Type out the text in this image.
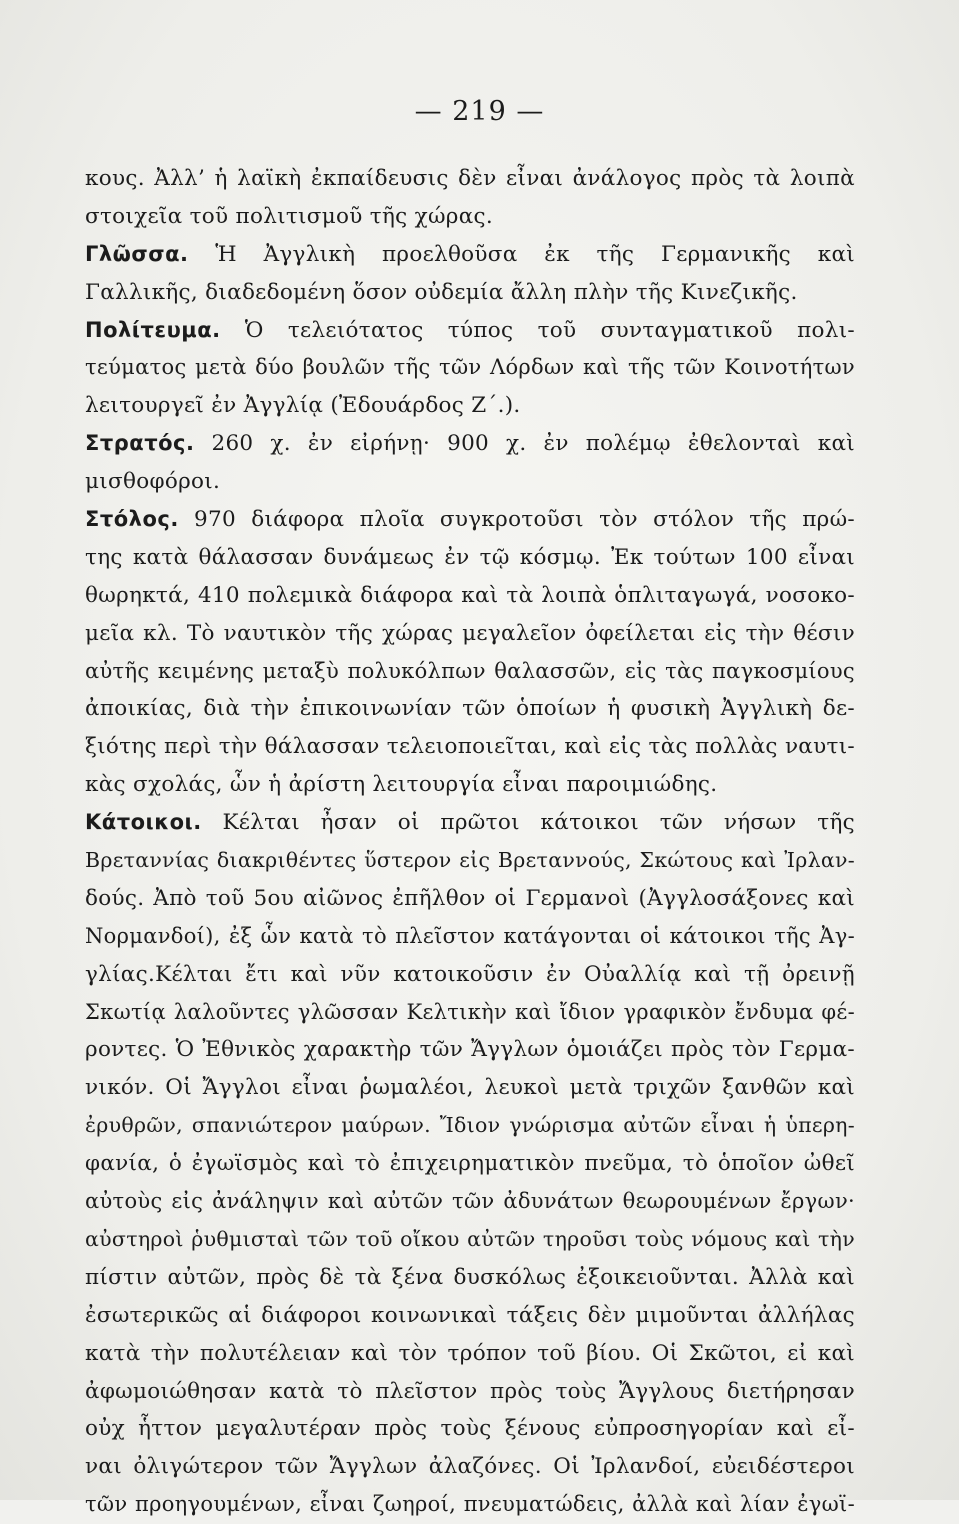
— 219 —
κους. Ἀλλ’ ἡ λαϊκὴ ἐκπαίδευσις δὲν εἶναι ἀνάλογος πρὸς τὰ λοιπὰ
στοιχεῖα τοῦ πολιτισμοῦ τῆς χώρας.
Γλῶσσα. Ἡ Ἀγγλικὴ προελθοῦσα ἐκ τῆς Γερμανικῆς καὶ
Γαλλικῆς, διαδεδομένη ὅσον οὐδεμία ἄλλη πλὴν τῆς Κινεζικῆς.
Πολίτευμα. Ὁ τελειότατος τύπος τοῦ συνταγματικοῦ πολι-
τεύματος μετὰ δύο βουλῶν τῆς τῶν Λόρδων καὶ τῆς τῶν Κοινοτήτων
λειτουργεῖ ἐν Ἀγγλίᾳ (Ἐδουάρδος Ζ΄.).
Στρατός. 260 χ. ἐν εἰρήνῃ· 900 χ. ἐν πολέμῳ ἐθελονταὶ καὶ
μισθοφόροι.
Στόλος. 970 διάφορα πλοῖα συγκροτοῦσι τὸν στόλον τῆς πρώ-
της κατὰ θάλασσαν δυνάμεως ἐν τῷ κόσμῳ. Ἐκ τούτων 100 εἶναι
θωρηκτά, 410 πολεμικὰ διάφορα καὶ τὰ λοιπὰ ὁπλιταγωγά, νοσοκο-
μεῖα κλ. Τὸ ναυτικὸν τῆς χώρας μεγαλεῖον ὀφείλεται εἰς τὴν θέσιν
αὐτῆς κειμένης μεταξὺ πολυκόλπων θαλασσῶν, εἰς τὰς παγκοσμίους
ἀποικίας, διὰ τὴν ἐπικοινωνίαν τῶν ὁποίων ἡ φυσικὴ Ἀγγλικὴ δε-
ξιότης περὶ τὴν θάλασσαν τελειοποιεῖται, καὶ εἰς τὰς πολλὰς ναυτι-
κὰς σχολάς, ὧν ἡ ἀρίστη λειτουργία εἶναι παροιμιώδης.
Κάτοικοι. Κέλται ἦσαν οἱ πρῶτοι κάτοικοι τῶν νήσων τῆς
Βρεταννίας διακριθέντες ὕστερον εἰς Βρεταννούς, Σκώτους καὶ Ἰρλαν-
δούς. Ἀπὸ τοῦ 5ου αἰῶνος ἐπῆλθον οἱ Γερμανοὶ (Ἀγγλοσάξονες καὶ
Νορμανδοί), ἐξ ὧν κατὰ τὸ πλεῖστον κατάγονται οἱ κάτοικοι τῆς Ἀγ-
γλίας.Κέλται ἔτι καὶ νῦν κατοικοῦσιν ἐν Οὐαλλίᾳ καὶ τῇ ὀρεινῇ
Σκωτίᾳ λαλοῦντες γλῶσσαν Κελτικὴν καὶ ἴδιον γραφικὸν ἔνδυμα φέ-
ροντες. Ὁ Ἐθνικὸς χαρακτὴρ τῶν Ἄγγλων ὁμοιάζει πρὸς τὸν Γερμα-
νικόν. Οἱ Ἄγγλοι εἶναι ῥωμαλέοι, λευκοὶ μετὰ τριχῶν ξανθῶν καὶ
ἐρυθρῶν, σπανιώτερον μαύρων. Ἴδιον γνώρισμα αὐτῶν εἶναι ἡ ὑπερη-
φανία, ὁ ἐγωϊσμὸς καὶ τὸ ἐπιχειρηματικὸν πνεῦμα, τὸ ὁποῖον ὠθεῖ
αὐτοὺς εἰς ἀνάληψιν καὶ αὐτῶν τῶν ἀδυνάτων θεωρουμένων ἔργων·
αὐστηροὶ ῥυθμισταὶ τῶν τοῦ οἴκου αὐτῶν τηροῦσι τοὺς νόμους καὶ τὴν
πίστιν αὐτῶν, πρὸς δὲ τὰ ξένα δυσκόλως ἐξοικειοῦνται. Ἀλλὰ καὶ
ἐσωτερικῶς αἱ διάφοροι κοινωνικαὶ τάξεις δὲν μιμοῦνται ἀλλήλας
κατὰ τὴν πολυτέλειαν καὶ τὸν τρόπον τοῦ βίου. Οἱ Σκῶτοι, εἰ καὶ
ἀφωμοιώθησαν κατὰ τὸ πλεῖστον πρὸς τοὺς Ἄγγλους διετήρησαν
οὐχ ἧττον μεγαλυτέραν πρὸς τοὺς ξένους εὐπροσηγορίαν καὶ εἶ-
ναι ὀλιγώτερον τῶν Ἄγγλων ἀλαζόνες. Οἱ Ἰρλανδοί, εὐειδέστεροι
τῶν προηγουμένων, εἶναι ζωηροί, πνευματώδεις, ἀλλὰ καὶ λίαν ἐγωϊ-
